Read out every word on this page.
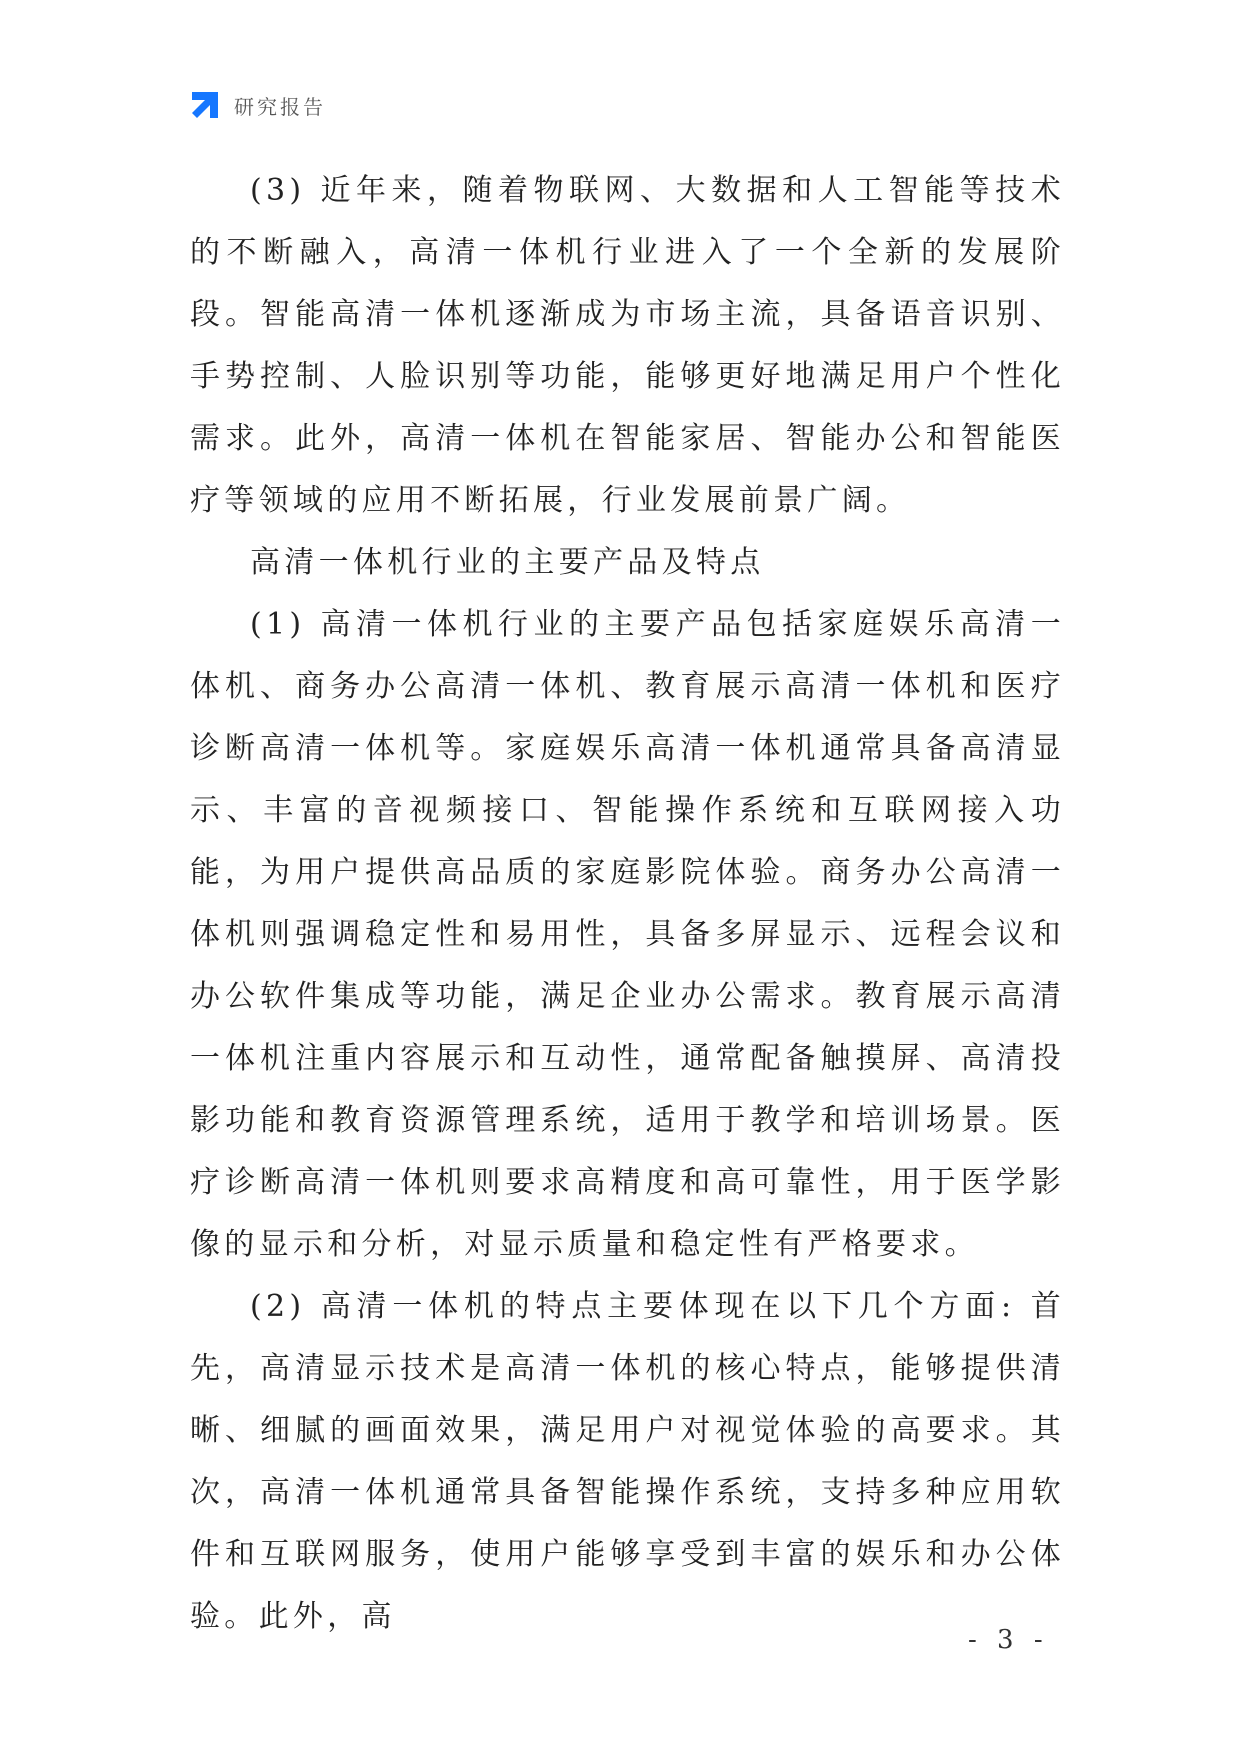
研究报告

(3) 近年来，随着物联网、大数据和人工智能等技术的不断融入，高清一体机行业进入了一个全新的发展阶段。智能高清一体机逐渐成为市场主流，具备语音识别、手势控制、人脸识别等功能，能够更好地满足用户个性化需求。此外，高清一体机在智能家居、智能办公和智能医疗等领域的应用不断拓展，行业发展前景广阔。

高清一体机行业的主要产品及特点

(1) 高清一体机行业的主要产品包括家庭娱乐高清一体机、商务办公高清一体机、教育展示高清一体机和医疗诊断高清一体机等。家庭娱乐高清一体机通常具备高清显示、丰富的音视频接口、智能操作系统和互联网接入功能，为用户提供高品质的家庭影院体验。商务办公高清一体机则强调稳定性和易用性，具备多屏显示、远程会议和办公软件集成等功能，满足企业办公需求。教育展示高清一体机注重内容展示和互动性，通常配备触摸屏、高清投影功能和教育资源管理系统，适用于教学和培训场景。医疗诊断高清一体机则要求高精度和高可靠性，用于医学影像的显示和分析，对显示质量和稳定性有严格要求。

(2) 高清一体机的特点主要体现在以下几个方面: 首先，高清显示技术是高清一体机的核心特点，能够提供清晰、细腻的画面效果，满足用户对视觉体验的高要求。其次，高清一体机通常具备智能操作系统，支持多种应用软件和互联网服务，使用户能够享受到丰富的娱乐和办公体验。此外，高

- 3 -
